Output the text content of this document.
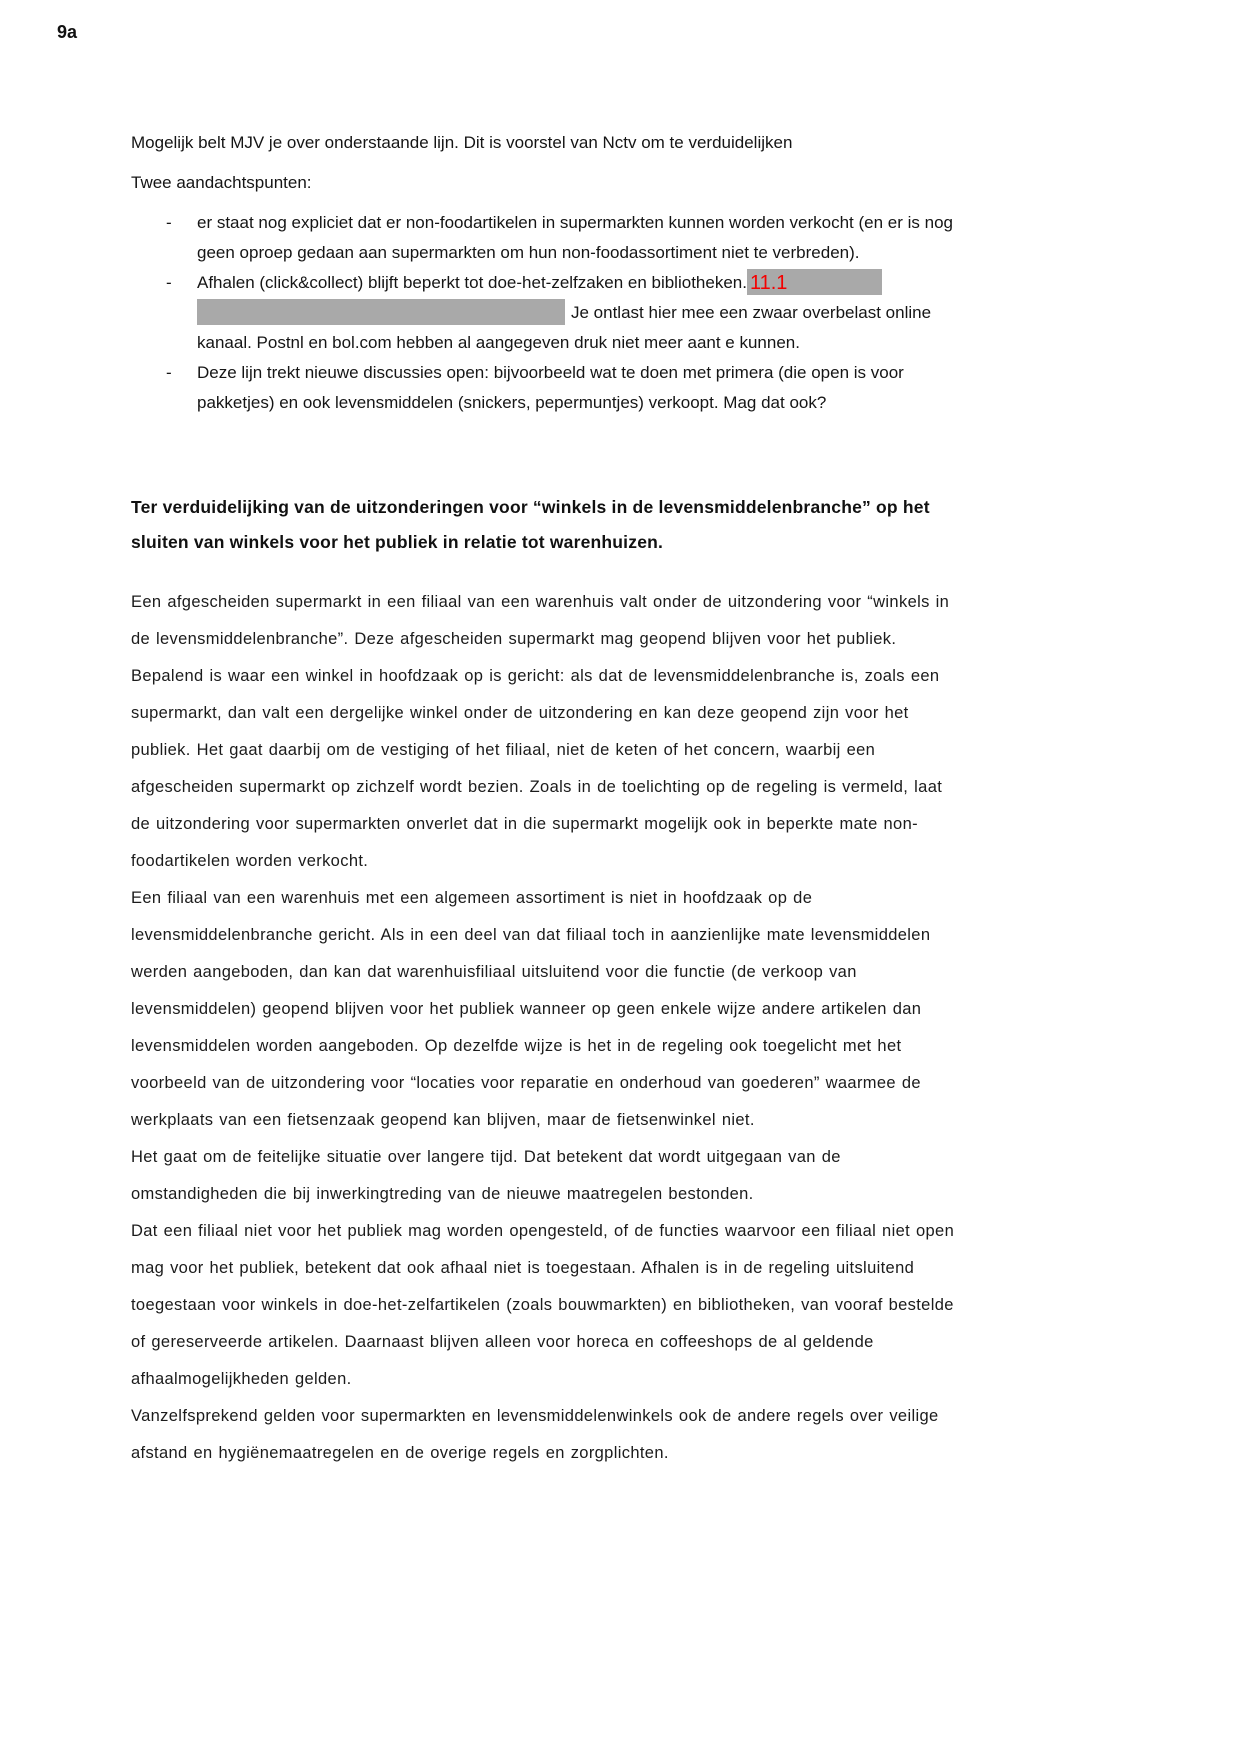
9a
Mogelijk belt MJV je over onderstaande lijn. Dit is voorstel van Nctv om te verduidelijken
Twee aandachtspunten:
-	er staat nog expliciet dat er non-foodartikelen in supermarkten kunnen worden verkocht (en er is nog geen oproep gedaan aan supermarkten om hun non-foodassortiment niet te verbreden).
-	Afhalen (click&collect) blijft beperkt tot doe-het-zelfzaken en bibliotheken. 11.1Je ontlast hier mee een zwaar overbelast online kanaal. Postnl en bol.com hebben al aangegeven druk niet meer aant e kunnen.
-	Deze lijn trekt nieuwe discussies open: bijvoorbeeld wat te doen met primera (die open is voor pakketjes) en ook levensmiddelen (snickers, pepermuntjes) verkoopt. Mag dat ook?
Ter verduidelijking van de uitzonderingen voor “winkels in de levensmiddelenbranche” op het sluiten van winkels voor het publiek in relatie tot warenhuizen.

Een afgescheiden supermarkt in een filiaal van een warenhuis valt onder de uitzondering voor “winkels in de levensmiddelenbranche”. Deze afgescheiden supermarkt mag geopend blijven voor het publiek. Bepalend is waar een winkel in hoofdzaak op is gericht: als dat de levensmiddelenbranche is, zoals een supermarkt, dan valt een dergelijke winkel onder de uitzondering en kan deze geopend zijn voor het publiek. Het gaat daarbij om de vestiging of het filiaal, niet de keten of het concern, waarbij een afgescheiden supermarkt op zichzelf wordt bezien. Zoals in de toelichting op de regeling is vermeld, laat de uitzondering voor supermarkten onverlet dat in die supermarkt mogelijk ook in beperkte mate non-foodartikelen worden verkocht.

Een filiaal van een warenhuis met een algemeen assortiment is niet in hoofdzaak op de levensmiddelenbranche gericht. Als in een deel van dat filiaal toch in aanzienlijke mate levensmiddelen werden aangeboden, dan kan dat warenhuisfiliaal uitsluitend voor die functie (de verkoop van levensmiddelen) geopend blijven voor het publiek wanneer op geen enkele wijze andere artikelen dan levensmiddelen worden aangeboden. Op dezelfde wijze is het in de regeling ook toegelicht met het voorbeeld van de uitzondering voor “locaties voor reparatie en onderhoud van goederen” waarmee de werkplaats van een fietsenzaak geopend kan blijven, maar de fietsenwinkel niet.

Het gaat om de feitelijke situatie over langere tijd. Dat betekent dat wordt uitgegaan van de omstandigheden die bij inwerkingtreding van de nieuwe maatregelen bestonden.

Dat een filiaal niet voor het publiek mag worden opengesteld, of de functies waarvoor een filiaal niet open mag voor het publiek, betekent dat ook afhaal niet is toegestaan. Afhalen is in de regeling uitsluitend toegestaan voor winkels in doe-het-zelfartikelen (zoals bouwmarkten) en bibliotheken, van vooraf bestelde of gereserveerde artikelen. Daarnaast blijven alleen voor horeca en coffeeshops de al geldende afhaalmogelijkheden gelden.

Vanzelfsprekend gelden voor supermarkten en levensmiddelenwinkels ook de andere regels over veilige afstand en hygiënemaatregelen en de overige regels en zorgplichten.
